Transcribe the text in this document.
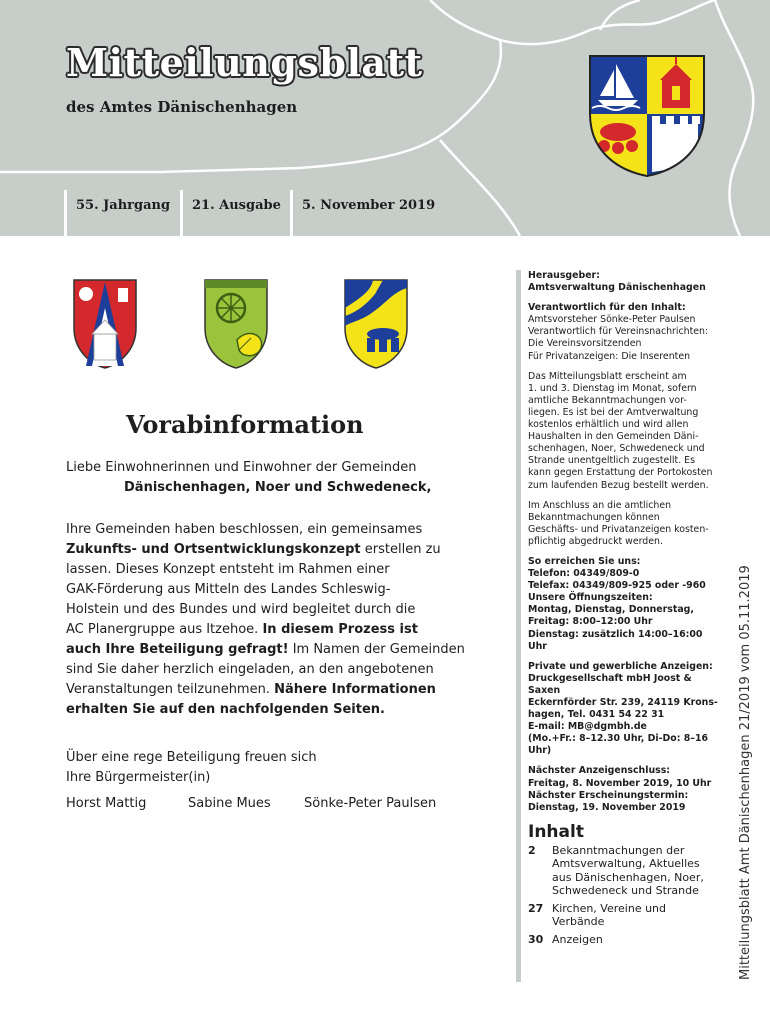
Mitteilungsblatt
des Amtes Dänischenhagen
55. Jahrgang 21. Ausgabe 5. November 2019
Vorabinformation
Liebe Einwohnerinnen und Einwohner der Gemeinden
Dänischenhagen, Noer und Schwedeneck,
Ihre Gemeinden haben beschlossen, ein gemeinsames
Zukunfts- und Ortsentwicklungskonzept erstellen zu
lassen. Dieses Konzept entsteht im Rahmen einer
GAK-Förderung aus Mitteln des Landes Schleswig-
Holstein und des Bundes und wird begleitet durch die
AC Planergruppe aus Itzehoe. In diesem Prozess ist
auch Ihre Beteiligung gefragt! Im Namen der Gemeinden
sind Sie daher herzlich eingeladen, an den angebotenen
Veranstaltungen teilzunehmen. Nähere Informationen
erhalten Sie auf den nachfolgenden Seiten.
Über eine rege Beteiligung freuen sich
Ihre Bürgermeister(in)
Horst Mattig	Sabine Mues	Sönke-Peter Paulsen

Herausgeber:
Amtsverwaltung Dänischenhagen

Verantwortlich für den Inhalt:
Amtsvorsteher Sönke-Peter Paulsen
Verantwortlich für Vereinsnachrichten:
Die Vereinsvorsitzenden
Für Privatanzeigen: Die Inserenten

Das Mitteilungsblatt erscheint am
1. und 3. Dienstag im Monat, sofern
amtliche Bekanntmachungen vor-
liegen. Es ist bei der Amtverwaltung
kostenlos erhältlich und wird allen
Haushalten in den Gemeinden Däni-
schenhagen, Noer, Schwedeneck und
Strande unentgeltlich zugestellt. Es
kann gegen Erstattung der Portokosten
zum laufenden Bezug bestellt werden.

Im Anschluss an die amtlichen
Bekanntmachungen können
Geschäfts- und Privatanzeigen kosten-
pflichtig abgedruckt werden.

So erreichen Sie uns:
Telefon: 04349/809-0
Telefax: 04349/809-925 oder -960
Unsere Öffnungszeiten:
Montag, Dienstag, Donnerstag,
Freitag: 8:00–12:00 Uhr
Dienstag: zusätzlich 14:00–16:00 Uhr

Private und gewerbliche Anzeigen:
Druckgesellschaft mbH Joost & Saxen
Eckernförder Str. 239, 24119 Krons-
hagen, Tel. 0431 54 22 31
E-mail: MB@dgmbh.de
(Mo.+Fr.: 8–12.30 Uhr, Di-Do: 8–16 Uhr)

Nächster Anzeigenschluss:
Freitag, 8. November 2019, 10 Uhr
Nächster Erscheinungstermin:
Dienstag, 19. November 2019

Inhalt
2	Bekanntmachungen der Amtsverwaltung, Aktuelles aus Dänischenhagen, Noer, Schwedeneck und Strande
27 Kirchen, Vereine und Verbände
30 Anzeigen	Mitteilungsblatt Amt Dänischenhagen 21/2019 vom 05.11.2019
